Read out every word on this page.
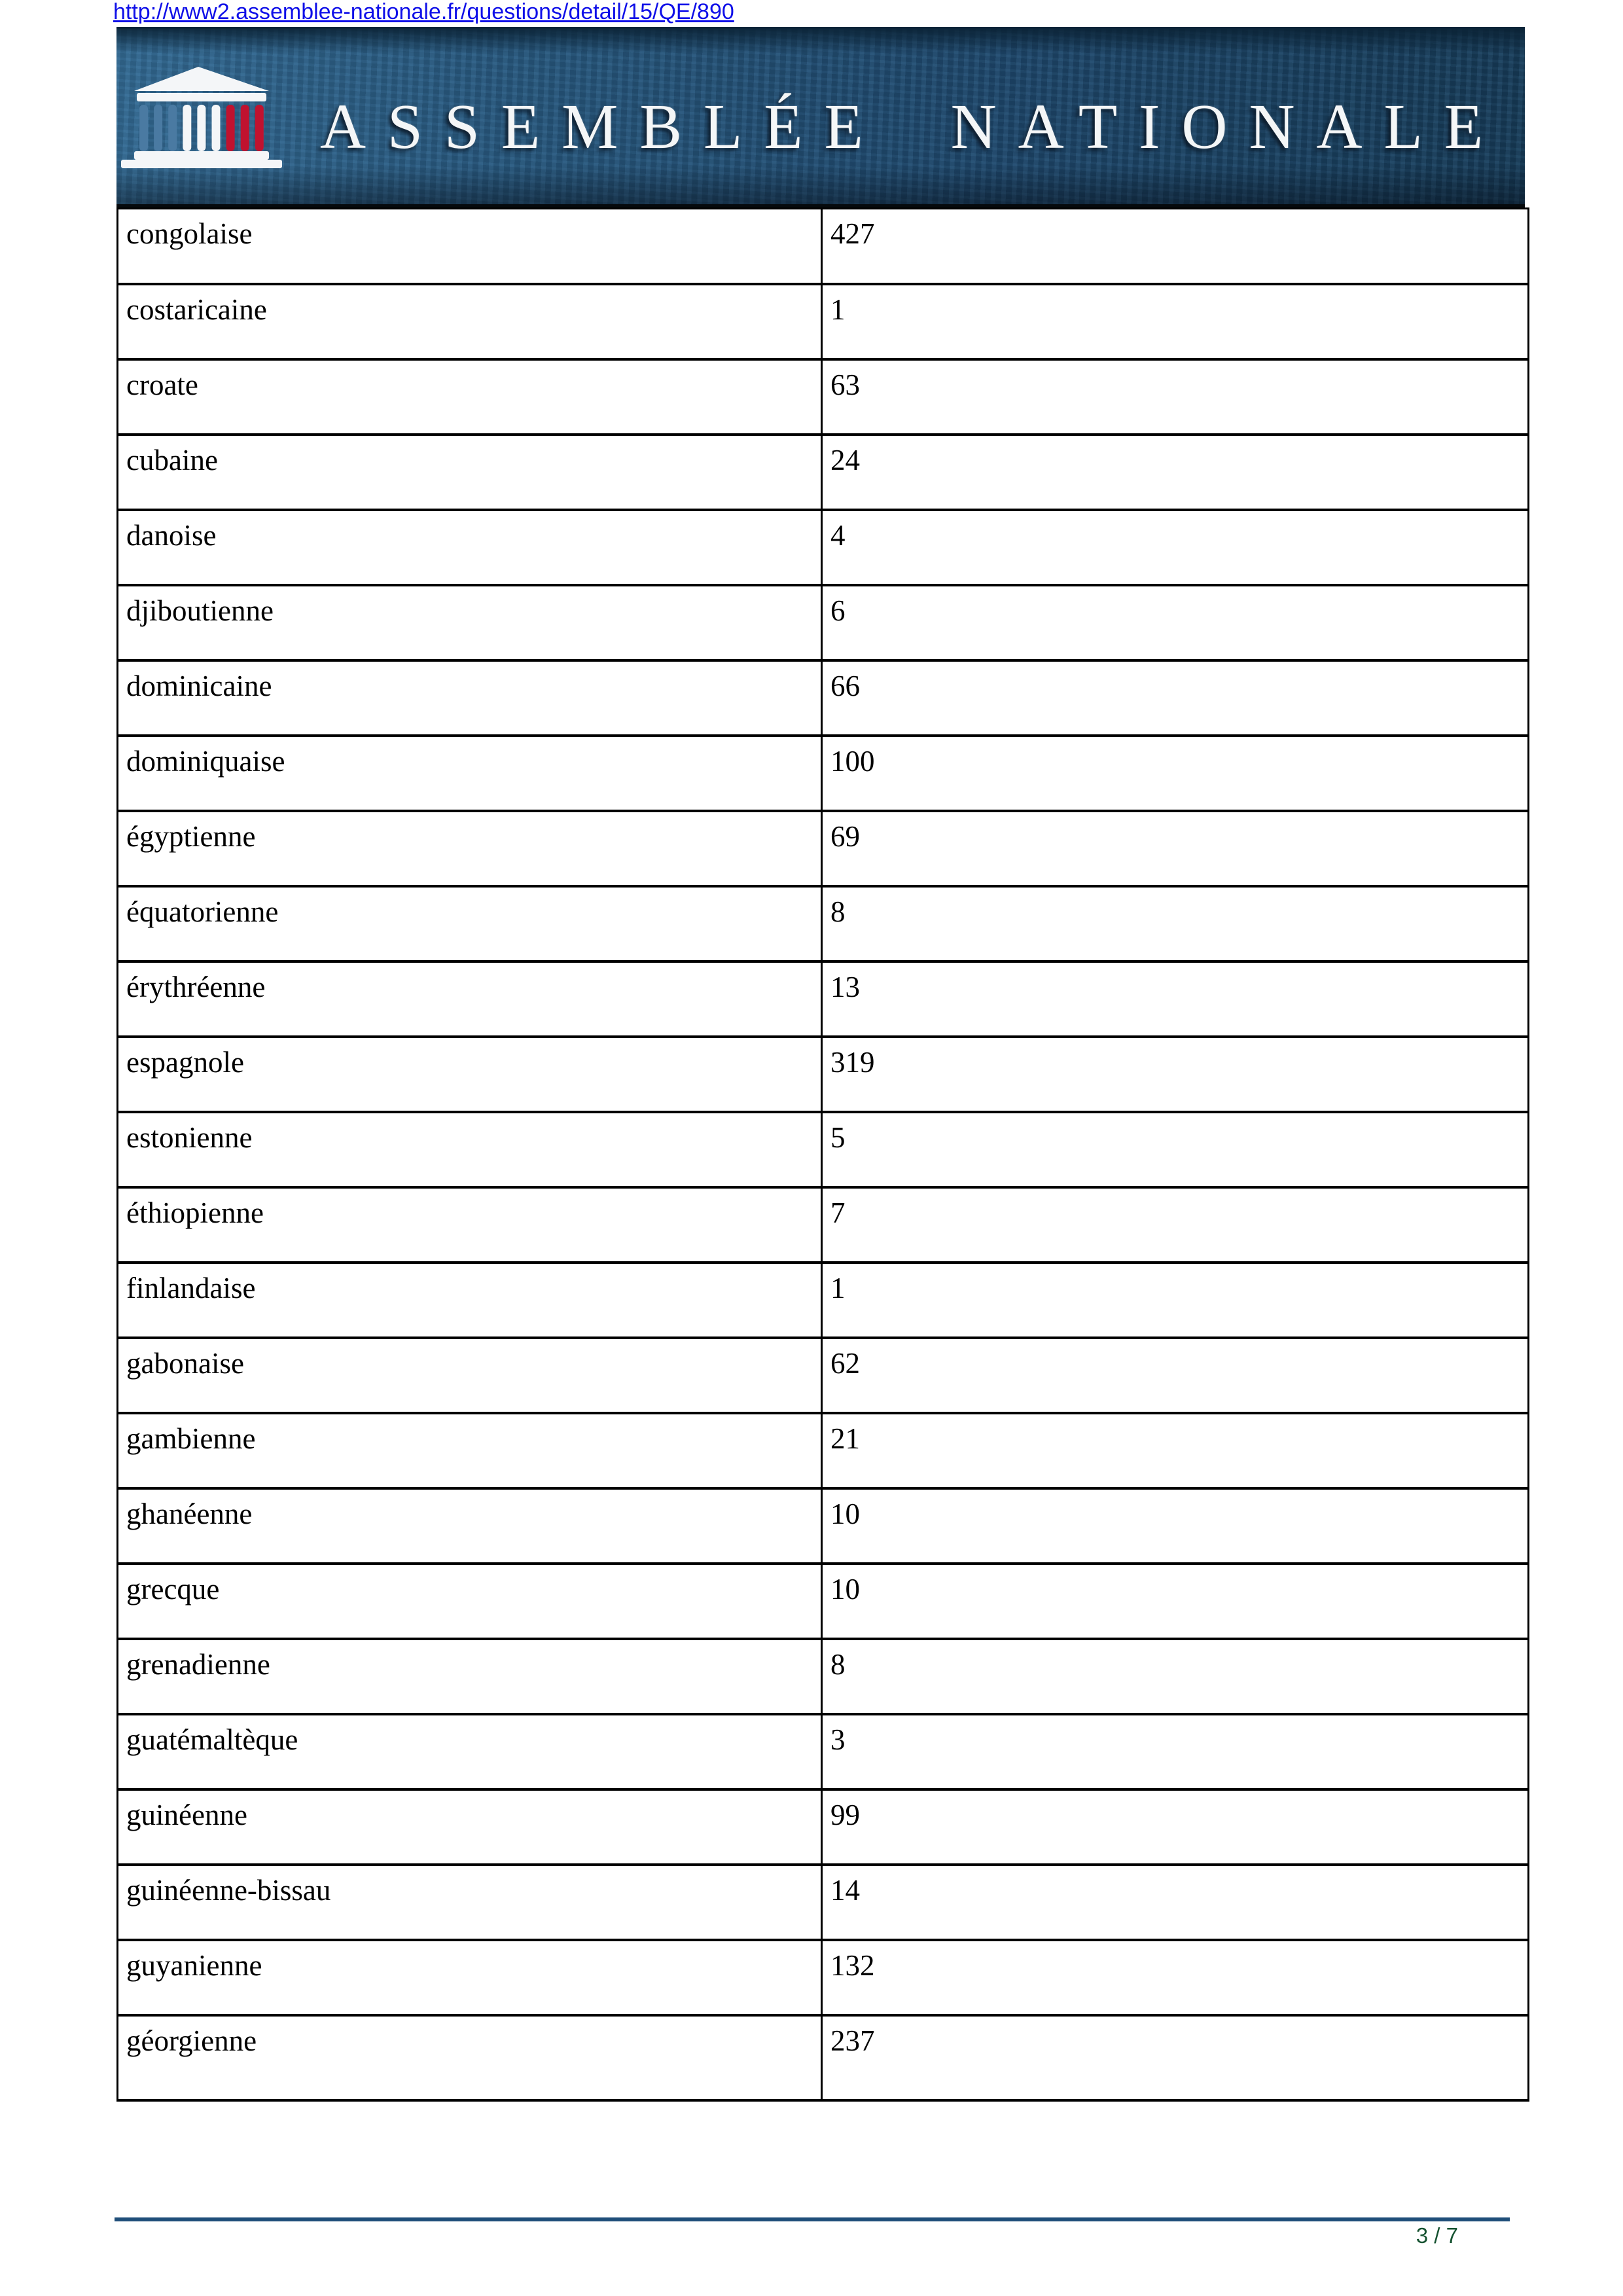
http://www2.assemblee-nationale.fr/questions/detail/15/QE/890
ASSEMBLÉE NATIONALE
congolaise	427
costaricaine	1
croate	63
cubaine	24
danoise	4
djiboutienne	6
dominicaine	66
dominiquaise	100
égyptienne	69
équatorienne	8
érythréenne	13
espagnole	319
estonienne	5
éthiopienne	7
finlandaise	1
gabonaise	62
gambienne	21
ghanéenne	10
grecque	10
grenadienne	8
guatémaltèque	3
guinéenne	99
guinéenne-bissau	14
guyanienne	132
géorgienne	237
3 / 7
